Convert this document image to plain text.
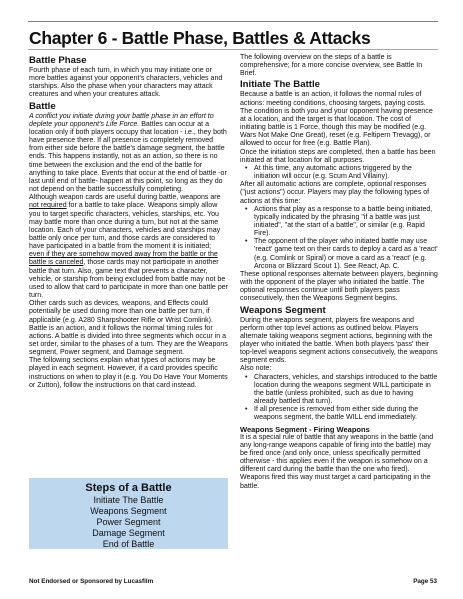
Chapter 6 - Battle Phase, Battles & Attacks
Battle Phase

Fourth phase of each turn, in which you may initiate one or more battles against your opponent's characters, vehicles and starships. Also the phase when your characters may attack creatures and when your creatures attack.

Battle

A conflict you initiate during your battle phase in an effort to deplete your opponent's Life Force. Battles can occur at a location only if both players occupy that location - i.e., they both have presence there. If all presence is completely removed from either side before the battle's damage segment, the battle ends. This happens instantly, not as an action, so there is no time between the exclusion and the end of the battle for anything to take place. Events that occur at the end of battle -or last until end of battle- happen at this point, so long as they do not depend on the battle successfully completing.

Although weapon cards are useful during battle, weapons are not required for a battle to take place. Weapons simply allow you to target specific characters, vehicles, starships, etc. You may battle more than once during a turn, but not at the same location. Each of your characters, vehicles and starships may battle only once per turn, and those cards are considered to have participated in a battle from the moment it is initiated; even if they are somehow moved away from the battle or the battle is canceled, those cards may not participate in another battle that turn. Also, game text that prevents a character, vehicle, or starship from being excluded from battle may not be used to allow that card to participate in more than one battle per turn.

Other cards such as devices, weapons, and Effects could potentially be used during more than one battle per turn, if applicable (e.g. A280 Sharpshooter Rifle or Wrist Comlink).

Battle is an action, and it follows the normal timing rules for actions. A battle is divided into three segments which occur in a set order, similar to the phases of a turn. They are the Weapons segment, Power segment, and Damage segment.

The following sections explain what types of actions may be played in each segment. However, if a card provides specific instructions on when to play it (e.g. You Do Have Your Moments or Zutton), follow the instructions on that card instead.

Steps of a Battle
Initiate The Battle
Weapons Segment
Power Segment
Damage Segment
End of Battle

The following overview on the steps of a battle is comprehensive; for a more concise overview, see Battle In Brief.

Initiate The Battle

Because a battle is an action, it follows the normal rules of actions: meeting conditions, choosing targets, paying costs. The condition is both you and your opponent having presence at a location, and the target is that location. The cost of initiating battle is 1 Force, though this may be modified (e.g. Wars Not Make One Great), reset (e.g. Feltipern Trevagg), or allowed to occur for free (e.g. Battle Plan).

Once the initiation steps are completed, then a battle has been initiated at that location for all purposes.

• At this time, any automatic actions triggered by the initiation will occur (e.g. Scum And Villainy).

After all automatic actions are complete, optional responses ("just actions") occur. Players may play the following types of actions at this time:

• Actions that play as a response to a battle being initiated, typically indicated by the phrasing "if a battle was just initiated", "at the start of a battle", or similar (e.g. Rapid Fire).
• The opponent of the player who initiated battle may use 'react' game text on their cards to deploy a card as a 'react' (e.g. Comlink or Spiral) or move a card as a 'react' (e.g. Arcona or Blizzard Scout 1). See React, Ap. C.

These optional responses alternate between players, beginning with the opponent of the player who initiated the battle. The optional responses continue until both players pass consecutively, then the Weapons Segment begins.

Weapons Segment

During the weapons segment, players fire weapons and perform other top level actions as outlined below. Players alternate taking weapons segment actions, beginning with the player who initiated the battle. When both players 'pass' their top-level weapons segment actions consecutively, the weapons segment ends.

Also note:

• Characters, vehicles, and starships introduced to the battle location during the weapons segment WILL participate in the battle (unless prohibited, such as due to having already battled that turn).
• If all presence is removed from either side during the weapons segment, the battle WILL end immediately.
Weapons Segment - Firing Weapons

It is a special rule of battle that any weapons in the battle (and any long-range weapons capable of firing into the battle) may be fired once (and only once, unless specifically permitted otherwise - this applies even if the weapon is somehow on a different card during the battle than the one who fired). Weapons fired this way must target a card participating in the battle.

Not Endorsed or Sponsored by Lucasfilm	Page 53
